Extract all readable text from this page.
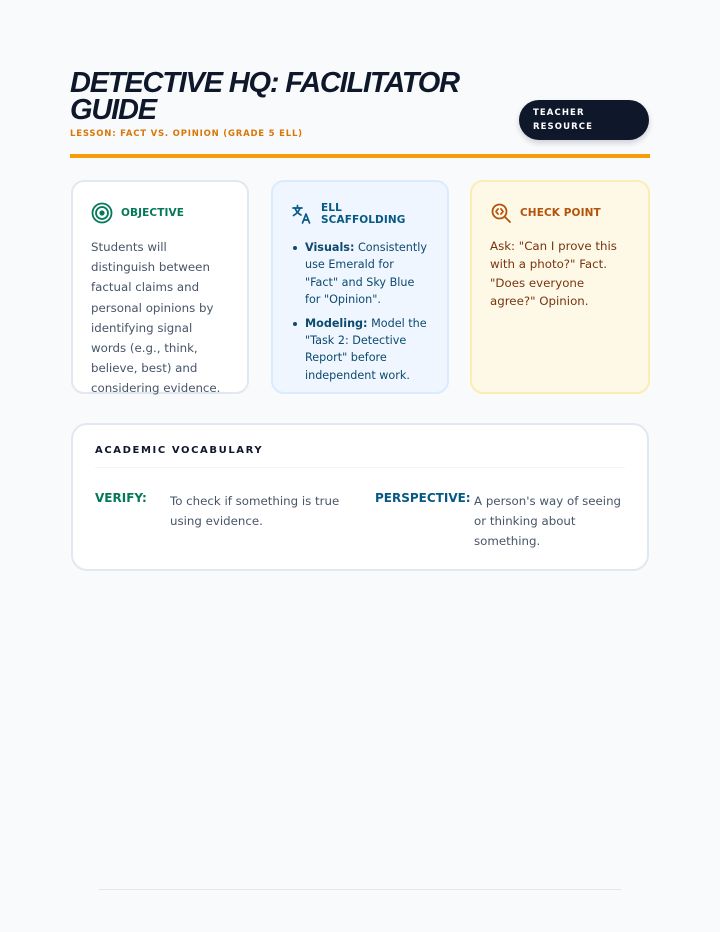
DETECTIVE HQ: FACILITATOR GUIDE
LESSON: FACT VS. OPINION (GRADE 5 ELL)
TEACHER RESOURCE
OBJECTIVE

Students will distinguish between factual claims and personal opinions by identifying signal words (e.g., think, believe, best) and considering evidence.

ELL SCAFFOLDING
Visuals: Consistently use Emerald for "Fact" and Sky Blue for "Opinion".
Modeling: Model the "Task 2: Detective Report" before independent work.
CHECK POINT

Ask: "Can I prove this with a photo?" Fact. "Does everyone agree?" Opinion.

ACADEMIC VOCABULARY
VERIFY: To check if something is true using evidence.
PERSPECTIVE: A person's way of seeing or thinking about something.
